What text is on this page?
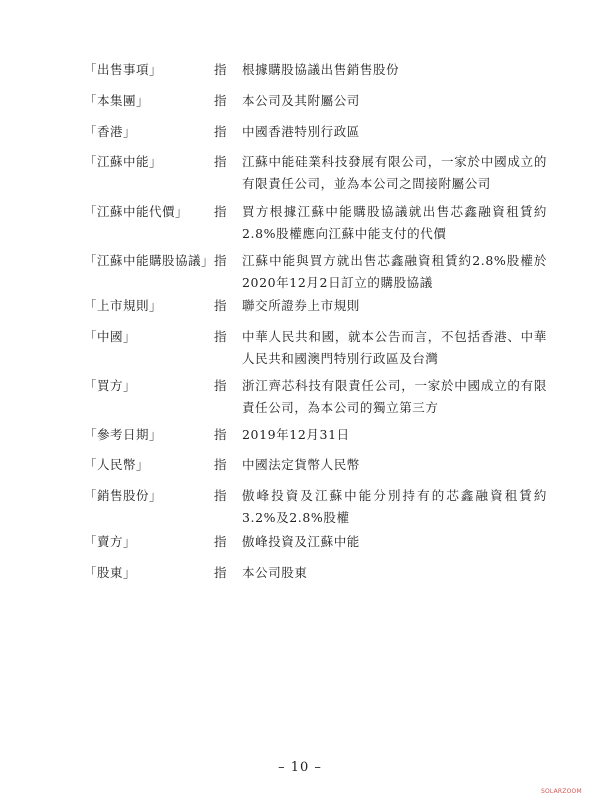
「出售事項」	指 根據購股協議出售銷售股份
「本集團」	指 本公司及其附屬公司
「香港」	指 中國香港特別行政區
「江蘇中能」	指 江蘇中能硅業科技發展有限公司，一家於中國成立的有限責任公司，並為本公司之間接附屬公司
「江蘇中能代價」 指 買方根據江蘇中能購股協議就出售芯鑫融資租賃約2.8%股權應向江蘇中能支付的代價
「江蘇中能購股協議」 指 江蘇中能與買方就出售芯鑫融資租賃約2.8%股權於2020年12月2日訂立的購股協議
「上市規則」	指 聯交所證券上市規則
「中國」	指 中華人民共和國，就本公告而言，不包括香港、中華人民共和國澳門特別行政區及台灣
「買方」	指 浙江齊芯科技有限責任公司，一家於中國成立的有限責任公司，為本公司的獨立第三方
「參考日期」	指 2019年12月31日
「人民幣」	指 中國法定貨幣人民幣
「銷售股份」	指 傲峰投資及江蘇中能分別持有的芯鑫融資租賃約3.2%及2.8%股權
「賣方」	指 傲峰投資及江蘇中能
「股東」	指 本公司股東
– 10 –
SOLARZOOM
